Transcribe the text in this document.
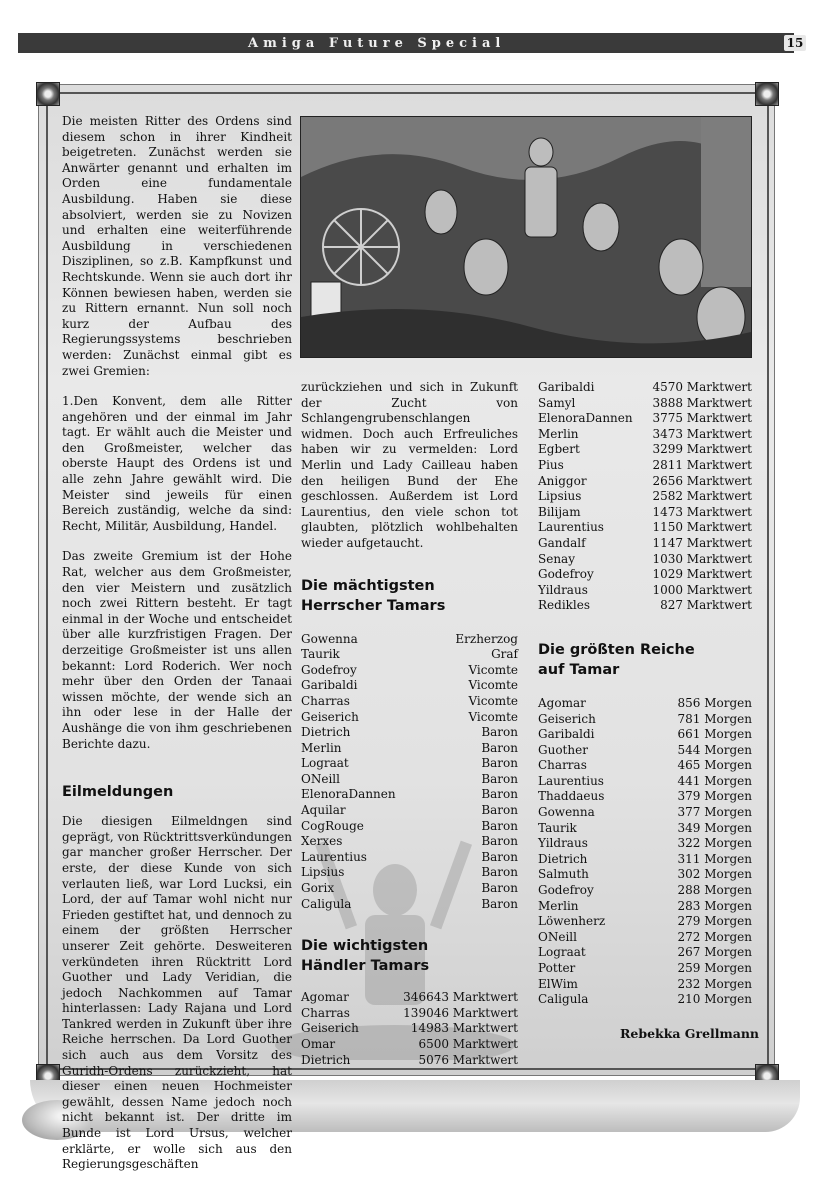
Amiga Future Special	15

Die meisten Ritter des Ordens sind diesem schon in ihrer Kindheit beigetreten. Zunächst werden sie Anwärter genannt und erhalten im Orden eine fundamentale Ausbildung. Haben sie diese absolviert, werden sie zu Novizen und erhalten eine weiterführende Ausbildung in verschiedenen Disziplinen, so z.B. Kampfkunst und Rechtskunde. Wenn sie auch dort ihr Können bewiesen haben, werden sie zu Rittern ernannt. Nun soll noch kurz der Aufbau des Regierungssystems beschrieben werden: Zunächst einmal gibt es zwei Gremien:

1.Den Konvent, dem alle Ritter angehören und der einmal im Jahr tagt. Er wählt auch die Meister und den Großmeister, welcher das oberste Haupt des Ordens ist und alle zehn Jahre gewählt wird. Die Meister sind jeweils für einen Bereich zuständig, welche da sind: Recht, Militär, Ausbildung, Handel.

Das zweite Gremium ist der Hohe Rat, welcher aus dem Großmeister, den vier Meistern und zusätzlich noch zwei Rittern besteht. Er tagt einmal in der Woche und entscheidet über alle kurzfristigen Fragen. Der derzeitige Großmeister ist uns allen bekannt: Lord Roderich. Wer noch mehr über den Orden der Tanaai wissen möchte, der wende sich an ihn oder lese in der Halle der Aushänge die von ihm geschriebenen Berichte dazu.

Eilmeldungen

Die diesigen Eilmeldngen sind geprägt, von Rücktrittsverkündungen gar mancher großer Herrscher. Der erste, der diese Kunde von sich verlauten ließ, war Lord Lucksi, ein Lord, der auf Tamar wohl nicht nur Frieden gestiftet hat, und dennoch zu einem der größten Herrscher unserer Zeit gehörte. Desweiteren verkündeten ihren Rücktritt Lord Guother und Lady Veridian, die jedoch Nachkommen auf Tamar hinterlassen: Lady Rajana und Lord Tankred werden in Zukunft über ihre Reiche herrschen. Da Lord Guother sich auch aus dem Vorsitz des Guridh-Ordens zurückzieht, hat dieser einen neuen Hochmeister gewählt, dessen Name jedoch noch nicht bekannt ist. Der dritte im Bunde ist Lord Ursus, welcher erklärte, er wolle sich aus den Regierungsgeschäften

zurückziehen und sich in Zukunft der Zucht von Schlangengrubenschlangen widmen. Doch auch Erfreuliches haben wir zu vermelden: Lord Merlin und Lady Cailleau haben den heiligen Bund der Ehe geschlossen. Außerdem ist Lord Laurentius, den viele schon tot glaubten, plötzlich wohlbehalten wieder aufgetaucht.

Die mächtigsten
Herrscher Tamars
Gowenna	Erzherzog
Taurik	Graf
Godefroy	Vicomte
Garibaldi	Vicomte
Charras	Vicomte
Geiserich	Vicomte
Dietrich	Baron
Merlin	Baron
Lograat	Baron
ONeill	Baron
ElenoraDannen	Baron
Aquilar	Baron
CogRouge	Baron
Xerxes	Baron
Laurentius	Baron
Lipsius	Baron
Gorix	Baron
Caligula	Baron
Die wichtigsten
Händler Tamars
Agomar	346643 Marktwert
Charras	139046 Marktwert
Geiserich	14983 Marktwert
Omar	6500 Marktwert
Dietrich	5076 Marktwert
Garibaldi	4570 Marktwert
Samyl	3888 Marktwert
ElenoraDannen	3775 Marktwert
Merlin	3473 Marktwert
Egbert	3299 Marktwert
Pius	2811 Marktwert
Aniggor	2656 Marktwert
Lipsius	2582 Marktwert
Bilijam	1473 Marktwert
Laurentius	1150 Marktwert
Gandalf	1147 Marktwert
Senay	1030 Marktwert
Godefroy	1029 Marktwert
Yildraus	1000 Marktwert
Redikles	827 Marktwert
Die größten Reiche
auf Tamar
Agomar	856 Morgen
Geiserich	781 Morgen
Garibaldi	661 Morgen
Guother	544 Morgen
Charras	465 Morgen
Laurentius	441 Morgen
Thaddaeus	379 Morgen
Gowenna	377 Morgen
Taurik	349 Morgen
Yildraus	322 Morgen
Dietrich	311 Morgen
Salmuth	302 Morgen
Godefroy	288 Morgen
Merlin	283 Morgen
Löwenherz	279 Morgen
ONeill	272 Morgen
Lograat	267 Morgen
Potter	259 Morgen
ElWim	232 Morgen
Caligula	210 Morgen
Rebekka Grellmann
